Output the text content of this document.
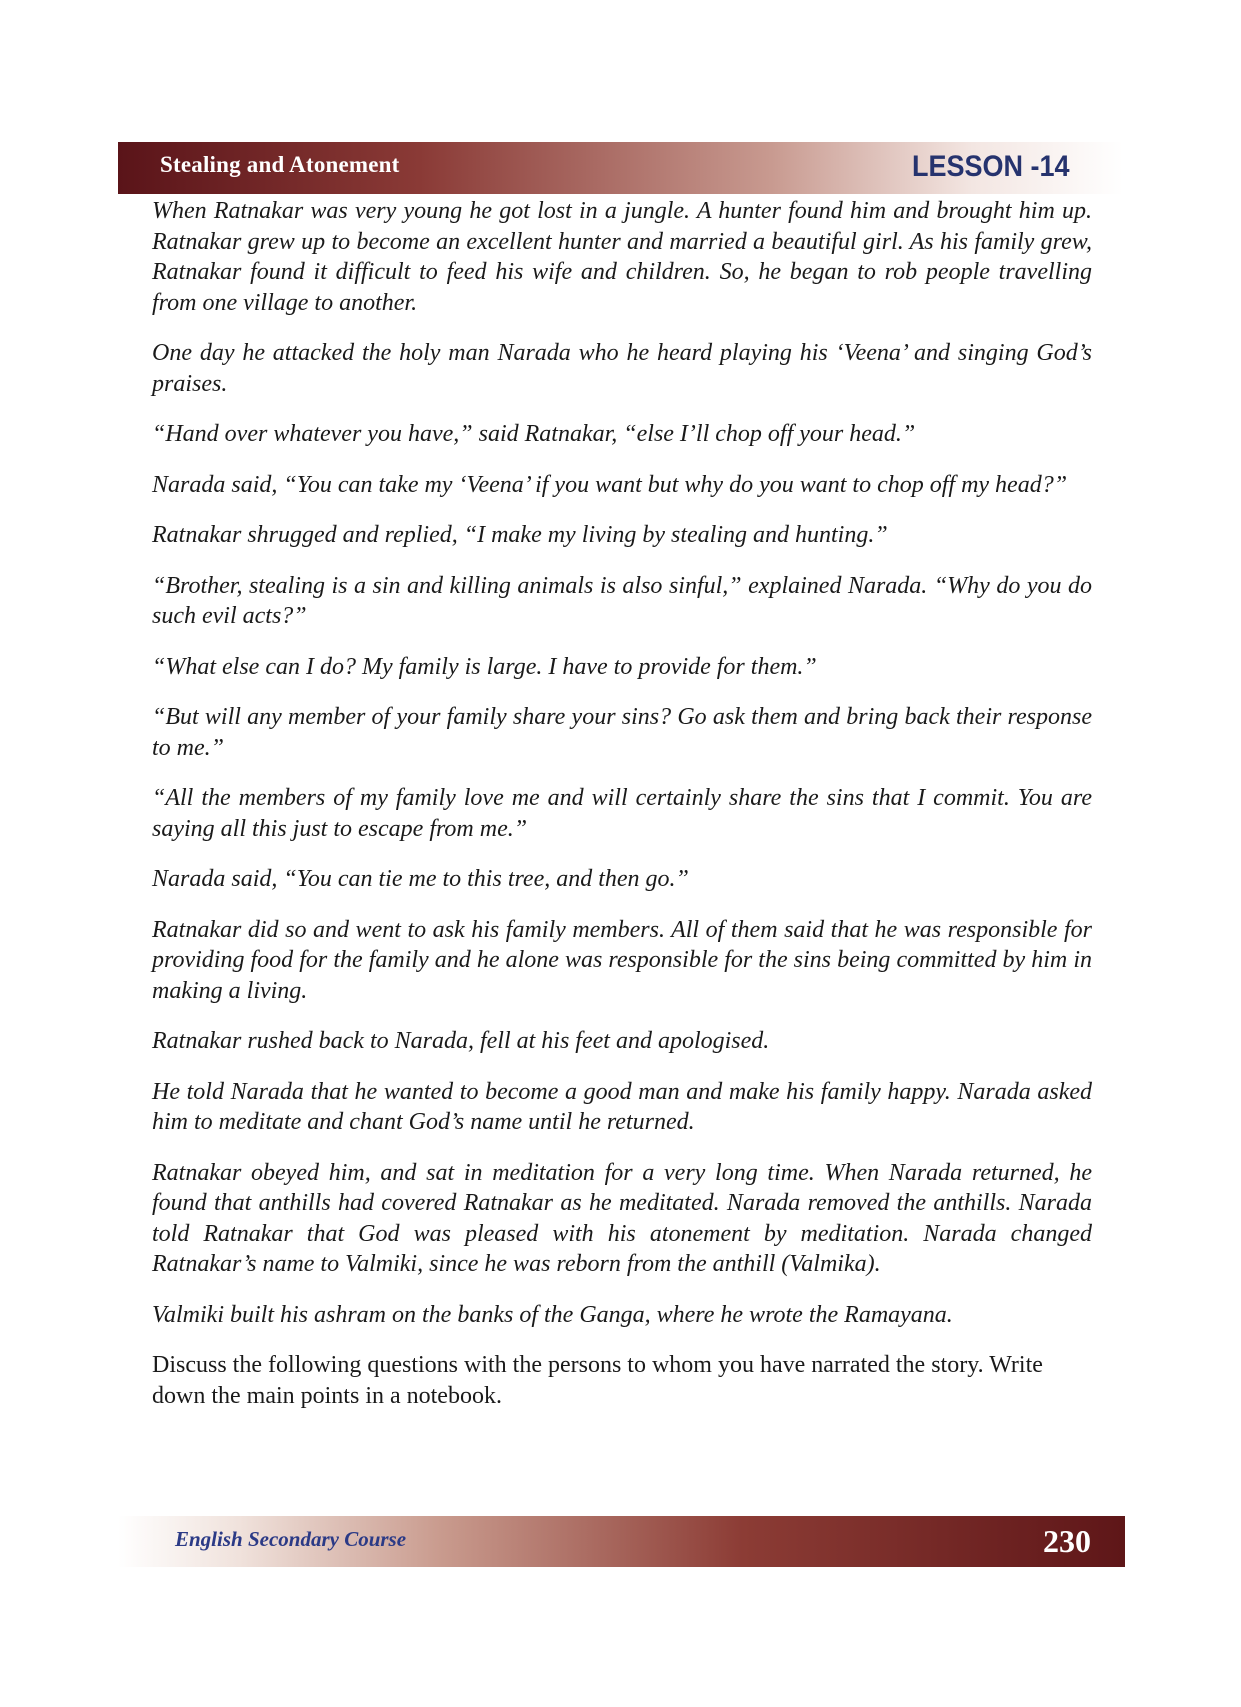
Stealing and Atonement	LESSON -14

When Ratnakar was very young he got lost in a jungle. A hunter found him and brought him up. Ratnakar grew up to become an excellent hunter and married a beautiful girl. As his family grew, Ratnakar found it difficult to feed his wife and children. So, he began to rob people travelling from one village to another.

One day he attacked the holy man Narada who he heard playing his ‘Veena’ and singing God’s praises.

“Hand over whatever you have,” said Ratnakar, “else I’ll chop off your head.”

Narada said, “You can take my ‘Veena’ if you want but why do you want to chop off my head?”

Ratnakar shrugged and replied, “I make my living by stealing and hunting.”

“Brother, stealing is a sin and killing animals is also sinful,” explained Narada. “Why do you do such evil acts?”

“What else can I do? My family is large. I have to provide for them.”

“But will any member of your family share your sins? Go ask them and bring back their response to me.”

“All the members of my family love me and will certainly share the sins that I commit. You are saying all this just to escape from me.”

Narada said, “You can tie me to this tree, and then go.”

Ratnakar did so and went to ask his family members. All of them said that he was responsible for providing food for the family and he alone was responsible for the sins being committed by him in making a living.

Ratnakar rushed back to Narada, fell at his feet and apologised.

He told Narada that he wanted to become a good man and make his family happy. Narada asked him to meditate and chant God’s name until he returned.

Ratnakar obeyed him, and sat in meditation for a very long time. When Narada returned, he found that anthills had covered Ratnakar as he meditated. Narada removed the anthills. Narada told Ratnakar that God was pleased with his atonement by meditation. Narada changed Ratnakar’s name to Valmiki, since he was reborn from the anthill (Valmika).

Valmiki built his ashram on the banks of the Ganga, where he wrote the Ramayana.

Discuss the following questions with the persons to whom you have narrated the story. Write down the main points in a notebook.

English Secondary Course	230
